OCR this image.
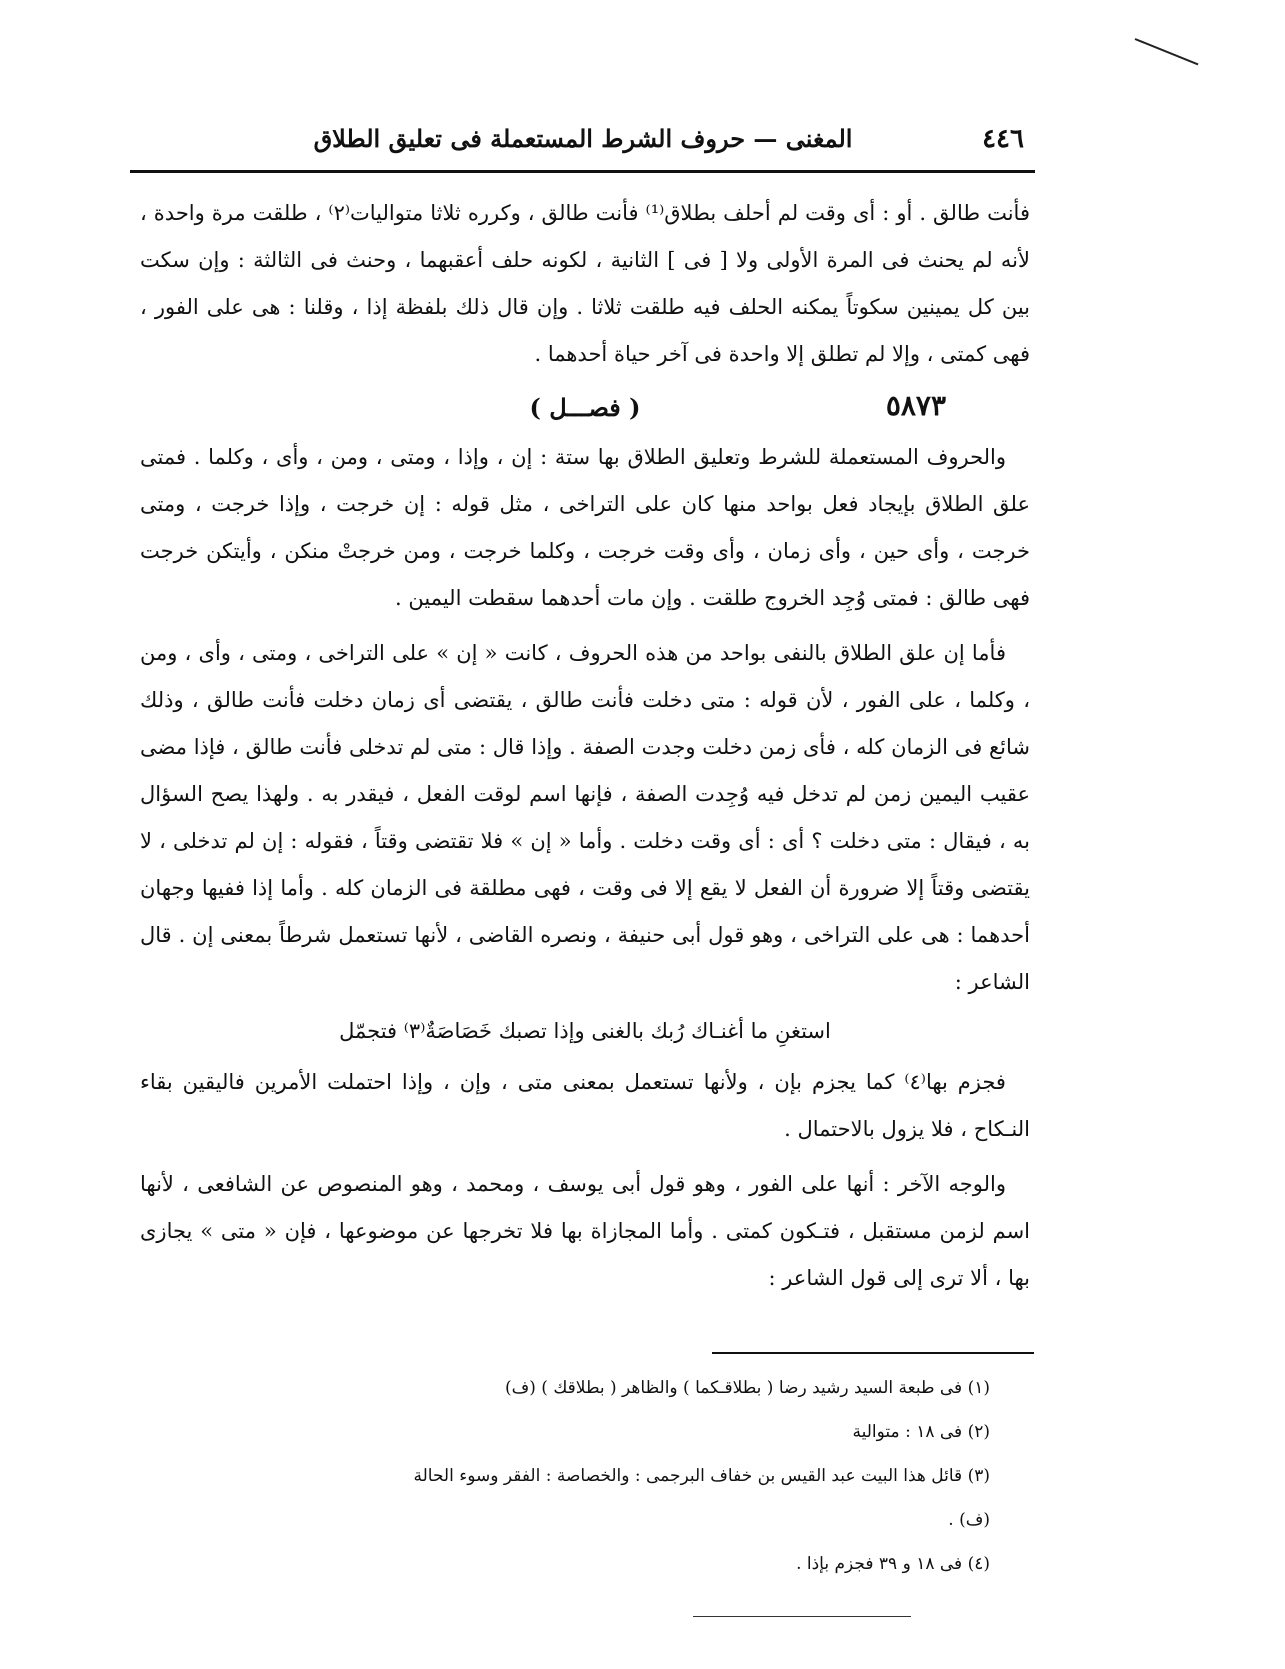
٤٤٦
المغنى — حروف الشرط المستعملة فى تعليق الطلاق

فأنت طالق . أو : أى وقت لم أحلف بطلاق⁽¹⁾ فأنت طالق ، وكرره ثلاثا متواليات⁽٢⁾ ، طلقت مرة واحدة ، لأنه لم يحنث فى المرة الأولى ولا [ فى ] الثانية ، لكونه حلف أعقبهما ، وحنث فى الثالثة : وإن سكت بين كل يمينين سكوتاً يمكنه الحلف فيه طلقت ثلاثا . وإن قال ذلك بلفظة إذا ، وقلنا : هى على الفور ، فهى كمتى ، وإلا لم تطلق إلا واحدة فى آخر حياة أحدهما .

٥٨٧٣
( فصـــل )

والحروف المستعملة للشرط وتعليق الطلاق بها ستة : إن ، وإذا ، ومتى ، ومن ، وأى ، وكلما . فمتى علق الطلاق بإيجاد فعل بواحد منها كان على التراخى ، مثل قوله : إن خرجت ، وإذا خرجت ، ومتى خرجت ، وأى حين ، وأى زمان ، وأى وقت خرجت ، وكلما خرجت ، ومن خرجتْ منكن ، وأيتكن خرجت فهى طالق : فمتى وُجِد الخروج طلقت . وإن مات أحدهما سقطت اليمين .

فأما إن علق الطلاق بالنفى بواحد من هذه الحروف ، كانت « إن » على التراخى ، ومتى ، وأى ، ومن ، وكلما ، على الفور ، لأن قوله : متى دخلت فأنت طالق ، يقتضى أى زمان دخلت فأنت طالق ، وذلك شائع فى الزمان كله ، فأى زمن دخلت وجدت الصفة . وإذا قال : متى لم تدخلى فأنت طالق ، فإذا مضى عقيب اليمين زمن لم تدخل فيه وُجِدت الصفة ، فإنها اسم لوقت الفعل ، فيقدر به . ولهذا يصح السؤال به ، فيقال : متى دخلت ؟ أى : أى وقت دخلت . وأما « إن » فلا تقتضى وقتاً ، فقوله : إن لم تدخلى ، لا يقتضى وقتاً إلا ضرورة أن الفعل لا يقع إلا فى وقت ، فهى مطلقة فى الزمان كله . وأما إذا ففيها وجهان أحدهما : هى على التراخى ، وهو قول أبى حنيفة ، ونصره القاضى ، لأنها تستعمل شرطاً بمعنى إن . قال الشاعر :

استغنِ ما أغنـاك رُبك بالغنى وإذا تصبك خَصَاصَةٌ⁽٣⁾ فتجمّل

فجزم بها⁽٤⁾ كما يجزم بإن ، ولأنها تستعمل بمعنى متى ، وإن ، وإذا احتملت الأمرين فاليقين بقاء النـكاح ، فلا يزول بالاحتمال .

والوجه الآخر : أنها على الفور ، وهو قول أبى يوسف ، ومحمد ، وهو المنصوص عن الشافعى ، لأنها اسم لزمن مستقبل ، فتـكون كمتى . وأما المجازاة بها فلا تخرجها عن موضوعها ، فإن « متى » يجازى بها ، ألا ترى إلى قول الشاعر :

(١) فى طبعة السيد رشيد رضا ( بطلاقـكما ) والظاهر ( بطلاقك ) (ف)

(٢) فى ١٨ : متوالية

(٣) قائل هذا البيت عبد القيس بن خفاف البرجمى : والخصاصة : الفقر وسوء الحالة (ف) .

(٤) فى ١٨ و ٣٩ فجزم بإذا .
